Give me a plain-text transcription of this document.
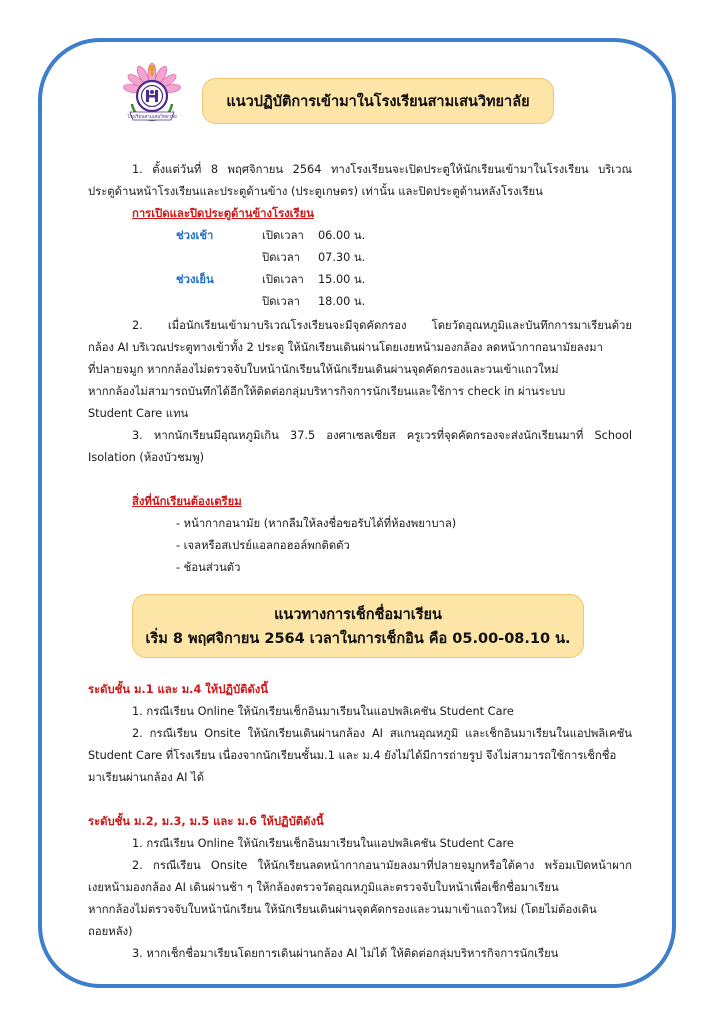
โรงเรียนสามเสนวิทยาลัย
แนวปฏิบัติการเข้ามาในโรงเรียนสามเสนวิทยาลัย
1. ตั้งแต่วันที่ 8 พฤศจิกายน 2564 ทางโรงเรียนจะเปิดประตูให้นักเรียนเข้ามาในโรงเรียน บริเวณ
ประตูด้านหน้าโรงเรียนและประตูด้านข้าง (ประตูเกษตร) เท่านั้น และปิดประตูด้านหลังโรงเรียน
การเปิดและปิดประตูด้านข้างโรงเรียน
ช่วงเช้า	เปิดเวลา 06.00 น.
ปิดเวลา 07.30 น.
ช่วงเย็น	เปิดเวลา 15.00 น.
ปิดเวลา 18.00 น.
2. เมื่อนักเรียนเข้ามาบริเวณโรงเรียนจะมีจุดคัดกรอง โดยวัดอุณหภูมิและบันทึกการมาเรียนด้วย
กล้อง AI บริเวณประตูทางเข้าทั้ง 2 ประตู ให้นักเรียนเดินผ่านโดยเงยหน้ามองกล้อง ลดหน้ากากอนามัยลงมา
ที่ปลายจมูก หากกล้องไม่ตรวจจับใบหน้านักเรียนให้นักเรียนเดินผ่านจุดคัดกรองและวนเข้าแถวใหม่
หากกล้องไม่สามารถบันทึกได้อีกให้ติดต่อกลุ่มบริหารกิจการนักเรียนและใช้การ check in ผ่านระบบ
Student Care แทน
3. หากนักเรียนมีอุณหภูมิเกิน 37.5 องศาเซลเซียส ครูเวรที่จุดคัดกรองจะส่งนักเรียนมาที่ School
Isolation (ห้องบัวชมพู)
สิ่งที่นักเรียนต้องเตรียม
- หน้ากากอนามัย (หากลืมให้ลงชื่อขอรับได้ที่ห้องพยาบาล)
- เจลหรือสเปรย์แอลกอฮอล์พกติดตัว
- ช้อนส่วนตัว
แนวทางการเช็กชื่อมาเรียน
เริ่ม 8 พฤศจิกายน 2564 เวลาในการเช็กอิน คือ 05.00-08.10 น.
ระดับชั้น ม.1 และ ม.4 ให้ปฏิบัติดังนี้
1. กรณีเรียน Online ให้นักเรียนเช็กอินมาเรียนในแอปพลิเคชัน Student Care
2. กรณีเรียน Onsite ให้นักเรียนเดินผ่านกล้อง AI สแกนอุณหภูมิ และเช็กอินมาเรียนในแอปพลิเคชัน
Student Care ที่โรงเรียน เนื่องจากนักเรียนชั้นม.1 และ ม.4 ยังไม่ได้มีการถ่ายรูป จึงไม่สามารถใช้การเช็กชื่อ
มาเรียนผ่านกล้อง AI ได้
ระดับชั้น ม.2, ม.3, ม.5 และ ม.6 ให้ปฏิบัติดังนี้
1. กรณีเรียน Online ให้นักเรียนเช็กอินมาเรียนในแอปพลิเคชัน Student Care
2. กรณีเรียน Onsite ให้นักเรียนลดหน้ากากอนามัยลงมาที่ปลายจมูกหรือใต้คาง พร้อมเปิดหน้าผาก
เงยหน้ามองกล้อง AI เดินผ่านช้า ๆ ให้กล้องตรวจวัดอุณหภูมิและตรวจจับใบหน้าเพื่อเช็กชื่อมาเรียน
หากกล้องไม่ตรวจจับใบหน้านักเรียน ให้นักเรียนเดินผ่านจุดคัดกรองและวนมาเข้าแถวใหม่ (โดยไม่ต้องเดิน
ถอยหลัง)
3. หากเช็กชื่อมาเรียนโดยการเดินผ่านกล้อง AI ไม่ได้ ให้ติดต่อกลุ่มบริหารกิจการนักเรียน
